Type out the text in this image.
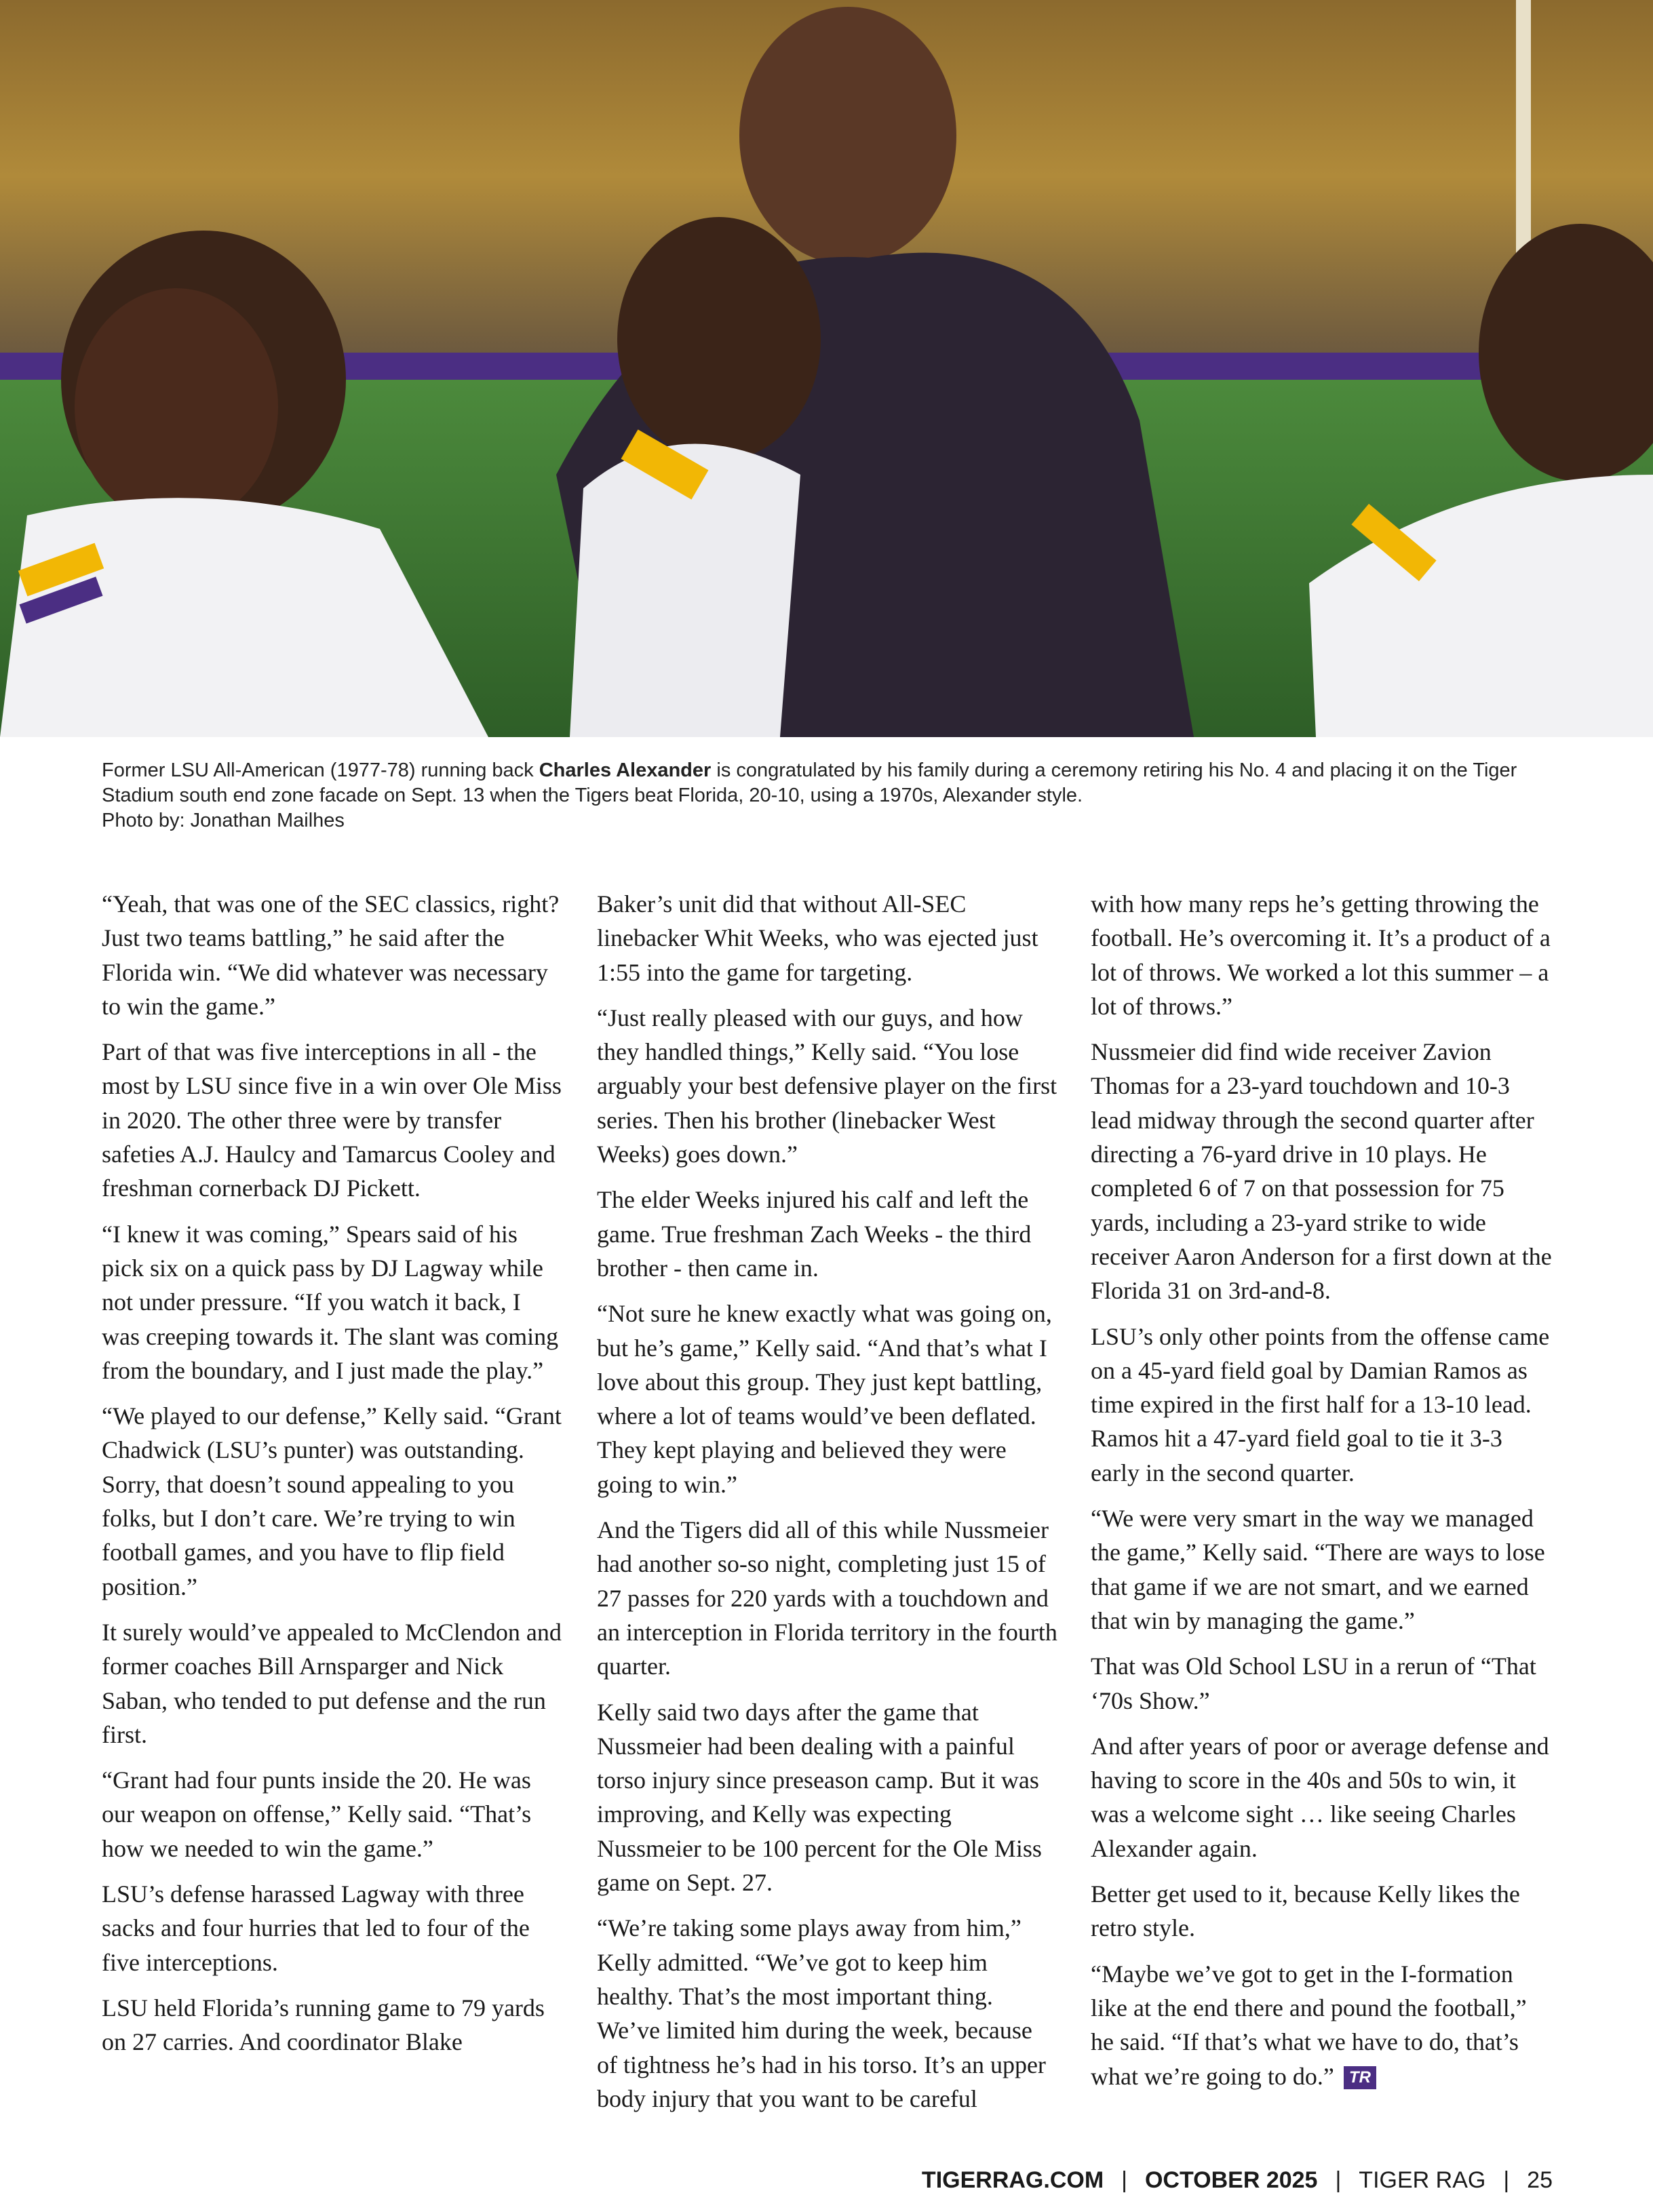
Former LSU All-American (1977-78) running back Charles Alexander is congratulated by his family during a ceremony retiring his No. 4 and placing it on the Tiger Stadium south end zone facade on Sept. 13 when the Tigers beat Florida, 20-10, using a 1970s, Alexander style.
Photo by: Jonathan Mailhes

“Yeah, that was one of the SEC classics, right? Just two teams battling,” he said after the Florida win. “We did whatever was necessary to win the game.”

Part of that was five interceptions in all - the most by LSU since five in a win over Ole Miss in 2020. The other three were by transfer safeties A.J. Haulcy and Tamarcus Cooley and freshman cornerback DJ Pickett.

“I knew it was coming,” Spears said of his pick six on a quick pass by DJ Lagway while not under pressure. “If you watch it back, I was creeping towards it. The slant was coming from the boundary, and I just made the play.”

“We played to our defense,” Kelly said. “Grant Chadwick (LSU’s punter) was outstanding. Sorry, that doesn’t sound appealing to you folks, but I don’t care. We’re trying to win football games, and you have to flip field position.”

It surely would’ve appealed to McClendon and former coaches Bill Arnsparger and Nick Saban, who tended to put defense and the run first.

“Grant had four punts inside the 20. He was our weapon on offense,” Kelly said. “That’s how we needed to win the game.”

LSU’s defense harassed Lagway with three sacks and four hurries that led to four of the five interceptions.

LSU held Florida’s running game to 79 yards on 27 carries. And coordinator Blake

Baker’s unit did that without All-SEC linebacker Whit Weeks, who was ejected just 1:55 into the game for targeting.

“Just really pleased with our guys, and how they handled things,” Kelly said. “You lose arguably your best defensive player on the first series. Then his brother (linebacker West Weeks) goes down.”

The elder Weeks injured his calf and left the game. True freshman Zach Weeks - the third brother - then came in.

“Not sure he knew exactly what was going on, but he’s game,” Kelly said. “And that’s what I love about this group. They just kept battling, where a lot of teams would’ve been deflated. They kept playing and believed they were going to win.”

And the Tigers did all of this while Nussmeier had another so-so night, completing just 15 of 27 passes for 220 yards with a touchdown and an interception in Florida territory in the fourth quarter.

Kelly said two days after the game that Nussmeier had been dealing with a painful torso injury since preseason camp. But it was improving, and Kelly was expecting Nussmeier to be 100 percent for the Ole Miss game on Sept. 27.

“We’re taking some plays away from him,” Kelly admitted. “We’ve got to keep him healthy. That’s the most important thing. We’ve limited him during the week, because of tightness he’s had in his torso. It’s an upper body injury that you want to be careful

with how many reps he’s getting throwing the football. He’s overcoming it. It’s a product of a lot of throws. We worked a lot this summer – a lot of throws.”

Nussmeier did find wide receiver Zavion Thomas for a 23-yard touchdown and 10-3 lead midway through the second quarter after directing a 76-yard drive in 10 plays. He completed 6 of 7 on that possession for 75 yards, including a 23-yard strike to wide receiver Aaron Anderson for a first down at the Florida 31 on 3rd-and-8.

LSU’s only other points from the offense came on a 45-yard field goal by Damian Ramos as time expired in the first half for a 13-10 lead. Ramos hit a 47-yard field goal to tie it 3-3 early in the second quarter.

“We were very smart in the way we managed the game,” Kelly said. “There are ways to lose that game if we are not smart, and we earned that win by managing the game.”

That was Old School LSU in a rerun of “That ‘70s Show.”

And after years of poor or average defense and having to score in the 40s and 50s to win, it was a welcome sight … like seeing Charles Alexander again.

Better get used to it, because Kelly likes the retro style.

“Maybe we’ve got to get in the I-formation like at the end there and pound the football,” he said. “If that’s what we have to do, that’s what we’re going to do.” TR

TIGERRAG.COM | OCTOBER 2025 | TIGER RAG | 25
